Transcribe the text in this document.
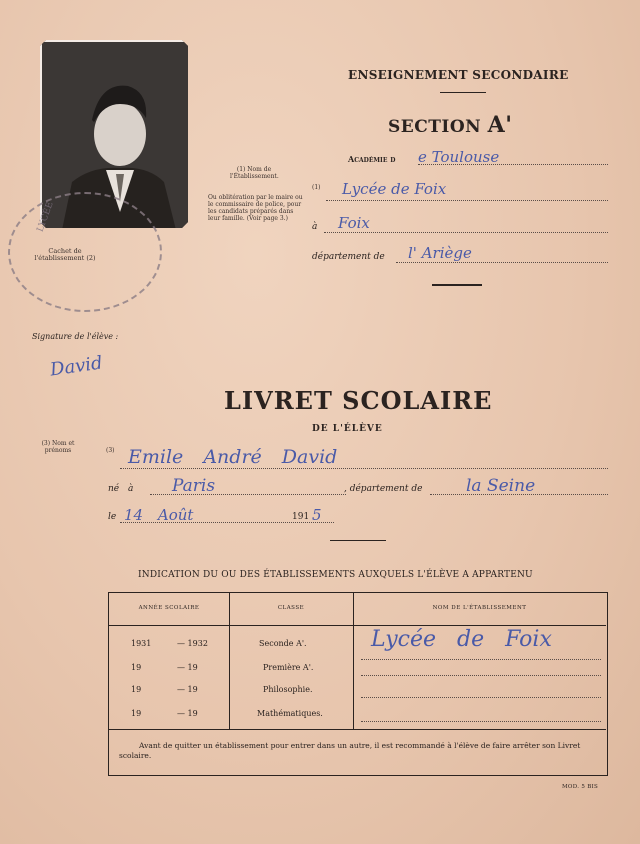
LYCÉE
ENSEIGNEMENT SECONDAIRE
SECTION A'
Académie d e Toulouse
(1) Nom de l'Établissement.
(1) Lycée de Foix
Ou oblitération par le maire ou le commissaire de police, pour les candidats préparés dans leur famille. (Voir page 3.)
à Foix
département de l' Ariège
Cachet de l'établissement (2)
Signature de l'élève :
David
LIVRET SCOLAIRE
DE L'ÉLÈVE
(3) Nom et prénoms	(3) Emile André David
né à Paris	, département de	la Seine
le 14 Août	191 5
INDICATION DU OU DES ÉTABLISSEMENTS AUXQUELS L'ÉLÈVE A APPARTENU
ANNÉE SCOLAIRE	CLASSE	NOM DE L'ÉTABLISSEMENT
1931	— 1932	Seconde A'.	Lycée de Foix
19	— 19	Première A'.
19	— 19	Philosophie.
19	— 19	Mathématiques.
Avant de quitter un établissement pour entrer dans un autre, il est recommandé à l'élève de faire arrêter son Livret scolaire.
MOD. 5 BIS
